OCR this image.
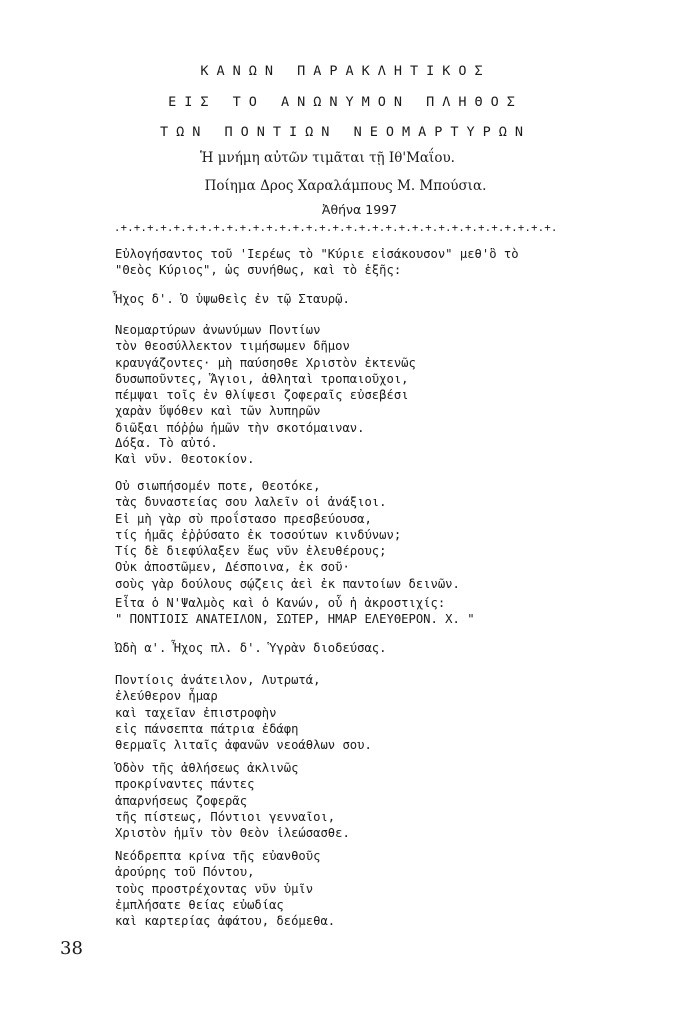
ΚΑΝΩΝ ΠΑΡΑΚΛΗΤΙΚΟΣ
ΕΙΣ ΤΟ ΑΝΩΝΥΜΟΝ ΠΛΗΘΟΣ
ΤΩΝ ΠΟΝΤΙΩΝ ΝΕΟΜΑΡΤΥΡΩΝ
Ἡ μνήμη αὐτῶν τιμᾶται τῇ Ιθ'Μαΐου.
Ποίημα Δρος Χαραλάμπους Μ. Μπούσια.
Ἀθήνα 1997
.+.+.+.+.+.+.+.+.+.+.+.+.+.+.+.+.+.+.+.+.+.+.+.+.+.+.+.+.+.+.+.+.+.
Εὐλογήσαντος τοῦ 'Ιερέως τὸ "Κύριε εἰσάκουσον" μεθ'ὃ τὸ
"Θεὸς Κύριος", ὡς συνήθως, καὶ τὸ ἑξῆς:
Ἦχος δ'. Ὁ ὑψωθεὶς ἐν τῷ Σταυρῷ.
Νεομαρτύρων ἀνωνύμων Ποντίων
τὸν θεοσύλλεκτον τιμήσωμεν δῆμον
κραυγάζοντες· μὴ παύσησθε Χριστὸν ἐκτενῶς
δυσωποῦντες, Ἅγιοι, ἀθληταὶ τροπαιοῦχοι,
πέμψαι τοῖς ἐν θλίψεσι ζοφεραῖς εὐσεβέσι
χαρὰν ὕψόθεν καὶ τῶν λυπηρῶν
διῶξαι πόῤῥω ἡμῶν τὴν σκοτόμαιναν.
Δόξα. Τὸ αὐτό.
Καὶ νῦν. Θεοτοκίον.
Οὐ σιωπήσομέν ποτε, Θεοτόκε,
τὰς δυναστείας σου λαλεῖν οἱ ἀνάξιοι.
Εἰ μὴ γὰρ σὺ προΐστασο πρεσβεύουσα,
τίς ἡμᾶς ἐῤῥύσατο ἐκ τοσούτων κινδύνων;
Τίς δὲ διεφύλαξεν ἕως νῦν ἐλευθέρους;
Οὐκ ἀποστῶμεν, Δέσποινα, ἐκ σοῦ·
σοὺς γὰρ δούλους σῴζεις ἀεὶ ἐκ παντοίων δεινῶν.
Εἶτα ὁ Ν'Ψαλμὸς καὶ ὁ Κανών, οὗ ἡ ἀκροστιχίς:
" ΠΟΝΤΙΟΙΣ ΑΝΑΤΕΙΛΟΝ, ΣΩΤΕΡ, ΗΜΑΡ ΕΛΕΥΘΕΡΟΝ. Χ. "
Ὠδὴ α'. Ἦχος πλ. δ'. Ὑγρὰν διοδεύσας.
Ποντίοις ἀνάτειλον, Λυτρωτά,
ἐλεύθερον ἦμαρ
καὶ ταχεῖαν ἐπιστροφὴν
εἰς πάνσεπτα πάτρια ἐδάφη
θερμαῖς λιταῖς ἀφανῶν νεοάθλων σου.
Ὁδὸν τῆς ἀθλήσεως ἀκλινῶς
προκρίναντες πάντες
ἀπαρνήσεως ζοφερᾶς
τῆς πίστεως, Πόντιοι γενναῖοι,
Χριστὸν ἡμῖν τὸν Θεὸν ἱλεώσασθε.
Νεόδρεπτα κρίνα τῆς εὐανθοῦς
ἀρούρης τοῦ Πόντου,
τοὺς προστρέχοντας νῦν ὑμῖν
ἐμπλήσατε θείας εὐωδίας
καὶ καρτερίας ἀφάτου, δεόμεθα.
38
